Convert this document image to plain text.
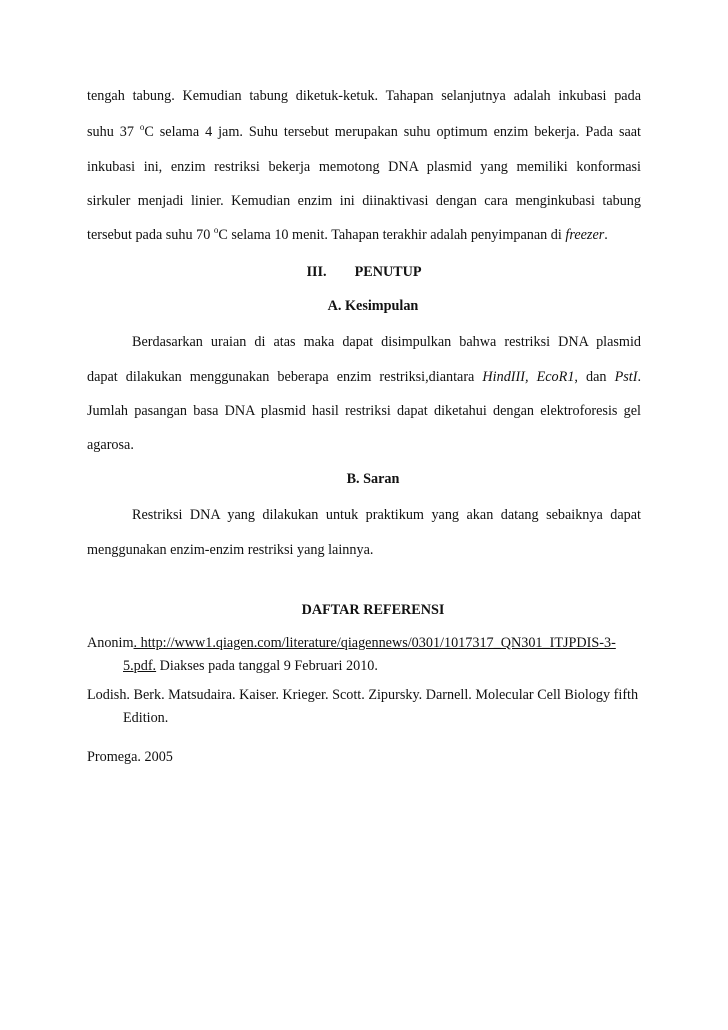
tengah tabung. Kemudian tabung diketuk-ketuk. Tahapan selanjutnya adalah inkubasi pada
suhu 37 $^o$C selama 4 jam. Suhu tersebut merupakan suhu optimum enzim bekerja. Pada saat
inkubasi ini, enzim restriksi bekerja memotong DNA plasmid yang memiliki konformasi
sirkuler menjadi linier. Kemudian enzim ini diinaktivasi dengan cara menginkubasi tabung
tersebut pada suhu 70 $^o$C selama 10 menit. Tahapan terakhir adalah penyimpanan di freezer.
III. PENUTUP
A. Kesimpulan
Berdasarkan uraian di atas maka dapat disimpulkan bahwa restriksi DNA plasmid
dapat dilakukan menggunakan beberapa enzim restriksi,diantara HindIII, EcoR1, dan PstI.
Jumlah pasangan basa DNA plasmid hasil restriksi dapat diketahui dengan elektroforesis gel
agarosa.
B. Saran
Restriksi DNA yang dilakukan untuk praktikum yang akan datang sebaiknya dapat
menggunakan enzim-enzim restriksi yang lainnya.
DAFTAR REFERENSI
Anonim. http://www1.qiagen.com/literature/qiagennews/0301/1017317_QN301_ITJPDIS-3-5.pdf. Diakses pada tanggal 9 Februari 2010.
Lodish. Berk. Matsudaira. Kaiser. Krieger. Scott. Zipursky. Darnell. Molecular Cell Biology fifth Edition.
Promega. 2005
